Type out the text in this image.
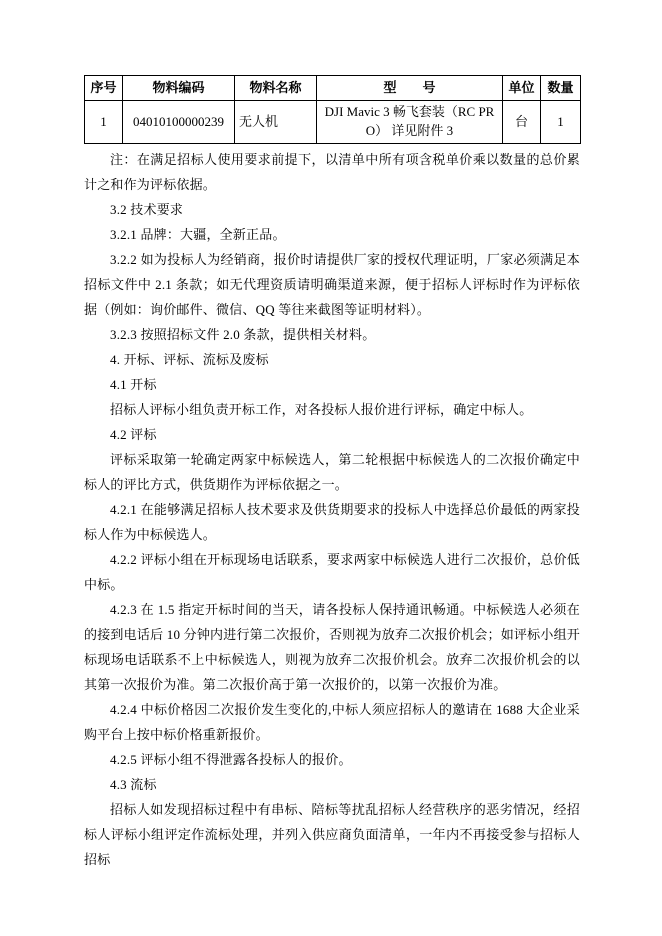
序号	物料编码	物料名称	型　　号	单位	数量
1	04010100000239	无人机	DJI Mavic 3 畅飞套装（RC PRO） 详见附件 3	台	1

注：在满足招标人使用要求前提下，以清单中所有项含税单价乘以数量的总价累计之和作为评标依据。

3.2 技术要求

3.2.1 品牌：大疆，全新正品。

3.2.2 如为投标人为经销商，报价时请提供厂家的授权代理证明，厂家必须满足本招标文件中 2.1 条款；如无代理资质请明确渠道来源，便于招标人评标时作为评标依据（例如：询价邮件、微信、QQ 等往来截图等证明材料）。

3.2.3 按照招标文件 2.0 条款，提供相关材料。

4. 开标、评标、流标及废标

4.1 开标

招标人评标小组负责开标工作，对各投标人报价进行评标，确定中标人。

4.2 评标

评标采取第一轮确定两家中标候选人，第二轮根据中标候选人的二次报价确定中标人的评比方式，供货期作为评标依据之一。

4.2.1 在能够满足招标人技术要求及供货期要求的投标人中选择总价最低的两家投标人作为中标候选人。

4.2.2 评标小组在开标现场电话联系，要求两家中标候选人进行二次报价，总价低中标。

4.2.3 在 1.5 指定开标时间的当天，请各投标人保持通讯畅通。中标候选人必须在的接到电话后 10 分钟内进行第二次报价，否则视为放弃二次报价机会；如评标小组开标现场电话联系不上中标候选人，则视为放弃二次报价机会。放弃二次报价机会的以其第一次报价为准。第二次报价高于第一次报价的，以第一次报价为准。

4.2.4 中标价格因二次报价发生变化的,中标人须应招标人的邀请在 1688 大企业采购平台上按中标价格重新报价。

4.2.5 评标小组不得泄露各投标人的报价。

4.3 流标

招标人如发现招标过程中有串标、陪标等扰乱招标人经营秩序的恶劣情况，经招标人评标小组评定作流标处理，并列入供应商负面清单，一年内不再接受参与招标人招标
